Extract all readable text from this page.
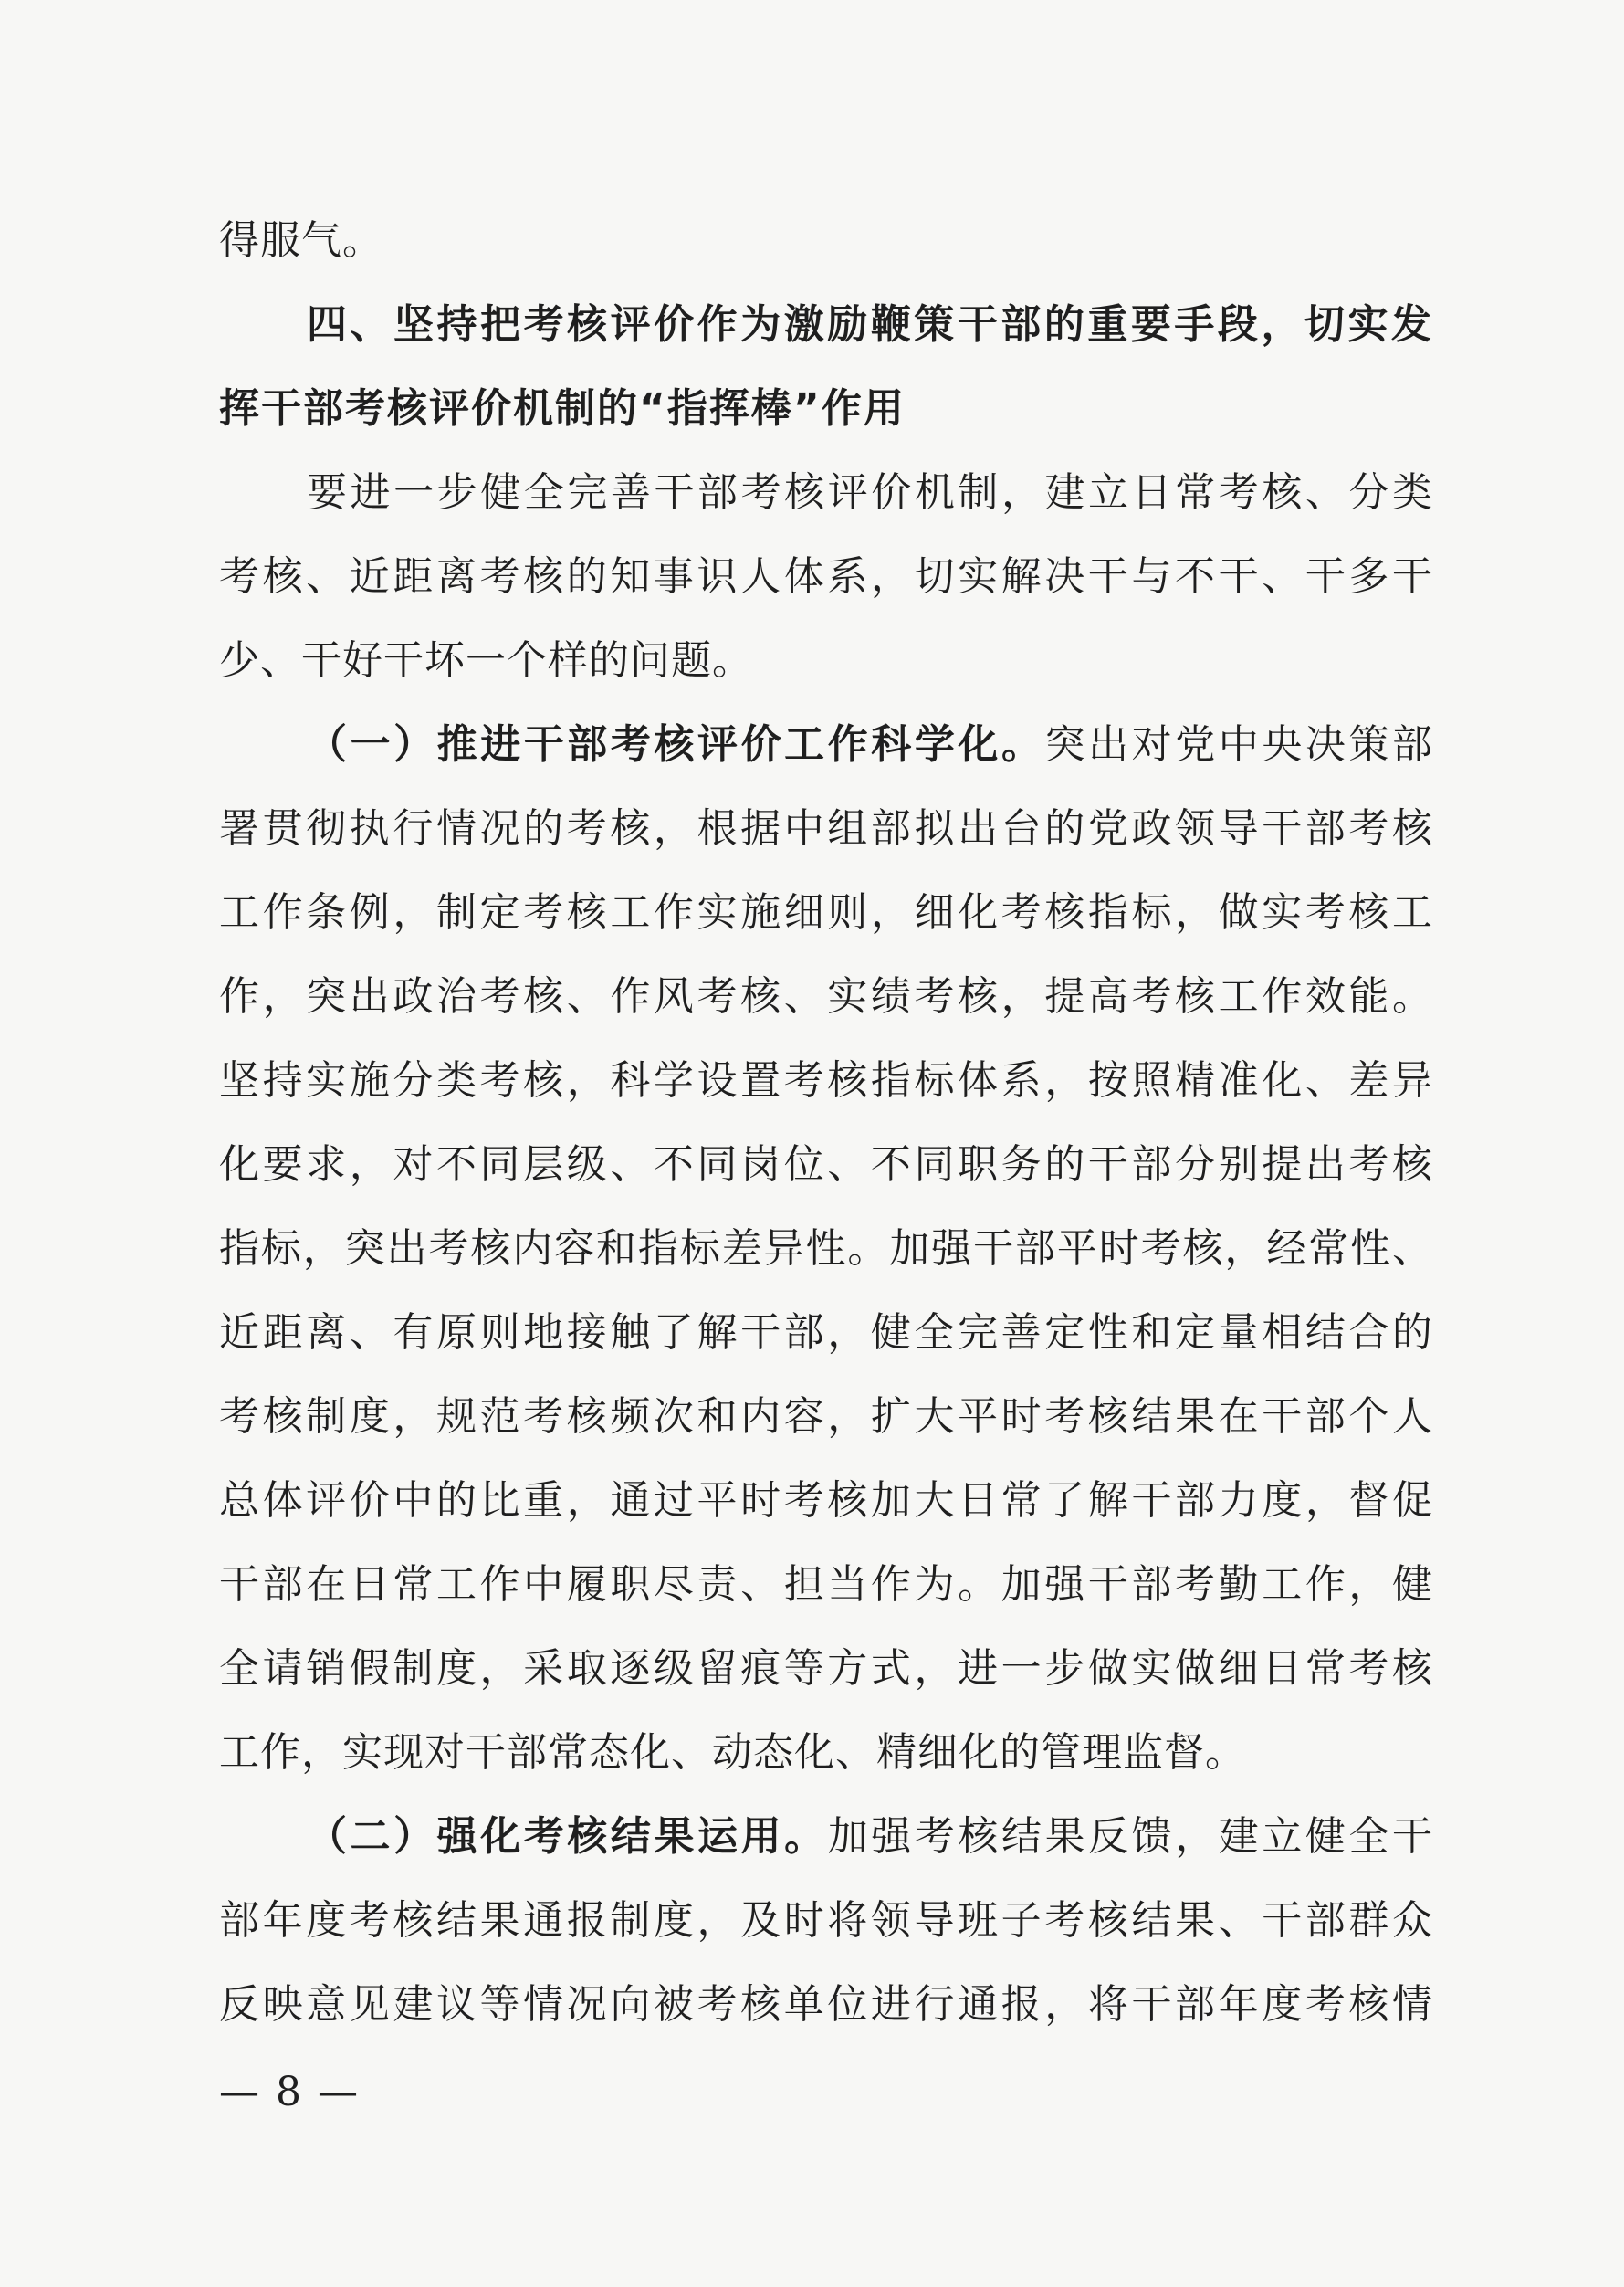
得服气。
四、坚持把考核评价作为激励鞭策干部的重要手段，切实发
挥干部考核评价机制的“指挥棒”作用
要进一步健全完善干部考核评价机制，建立日常考核、分类
考核、近距离考核的知事识人体系，切实解决干与不干、干多干
少、干好干坏一个样的问题。
（一）推进干部考核评价工作科学化。突出对党中央决策部
署贯彻执行情况的考核，根据中组部拟出台的党政领导干部考核
工作条例，制定考核工作实施细则，细化考核指标，做实考核工
作，突出政治考核、作风考核、实绩考核，提高考核工作效能。
坚持实施分类考核，科学设置考核指标体系，按照精准化、差异
化要求，对不同层级、不同岗位、不同职务的干部分别提出考核
指标，突出考核内容和指标差异性。加强干部平时考核，经常性、
近距离、有原则地接触了解干部，健全完善定性和定量相结合的
考核制度，规范考核频次和内容，扩大平时考核结果在干部个人
总体评价中的比重，通过平时考核加大日常了解干部力度，督促
干部在日常工作中履职尽责、担当作为。加强干部考勤工作，健
全请销假制度，采取逐级留痕等方式，进一步做实做细日常考核
工作，实现对干部常态化、动态化、精细化的管理监督。
（二）强化考核结果运用。加强考核结果反馈，建立健全干
部年度考核结果通报制度，及时将领导班子考核结果、干部群众
反映意见建议等情况向被考核单位进行通报，将干部年度考核情
— 8 —
